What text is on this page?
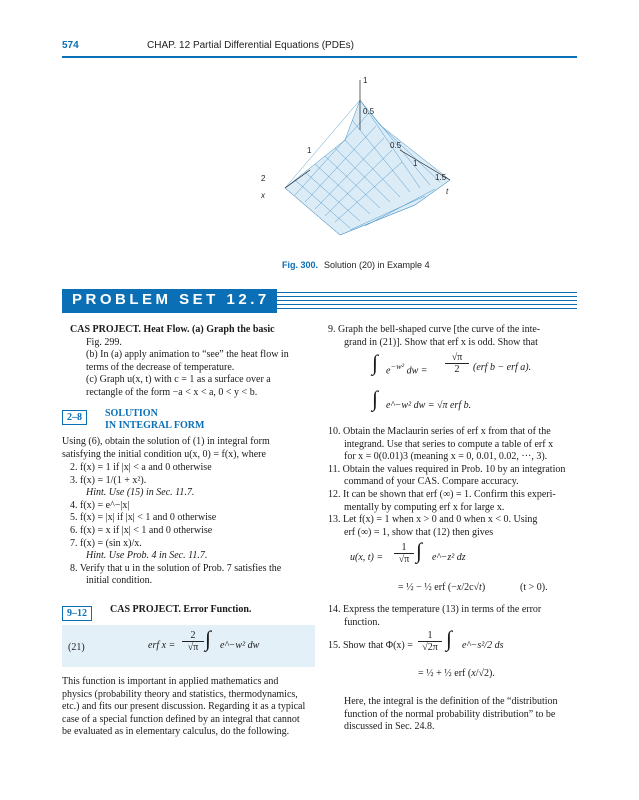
574	CHAP. 12 Partial Differential Equations (PDEs)
1
0.5
0.5
1
1.5
1
2
x	t
Fig. 300. Solution (20) in Example 4
PROBLEM SET 12.7
CAS PROJECT. Heat Flow. (a) Graph the basic
Fig. 299.
(b) In (a) apply animation to “see” the heat flow in
terms of the decrease of temperature.
(c) Graph u(x, t) with c = 1 as a surface over a
rectangle of the form −a < x < a, 0 < y < b.
2–8	SOLUTION
IN INTEGRAL FORM
Using (6), obtain the solution of (1) in integral form
satisfying the initial condition u(x, 0) = f(x), where
2. f(x) = 1 if |x| < a and 0 otherwise
3. f(x) = 1/(1 + x²).
Hint. Use (15) in Sec. 11.7.
4. f(x) = e^−|x|
5. f(x) = |x| if |x| < 1 and 0 otherwise
6. f(x) = x if |x| < 1 and 0 otherwise
7. f(x) = (sin x)/x.
Hint. Use Prob. 4 in Sec. 11.7.
8. Verify that u in the solution of Prob. 7 satisfies the
initial condition.
9–12	CAS PROJECT. Error Function.
(21)	erf x =
2
√π ∫ e^−w² dw
This function is important in applied mathematics and
physics (probability theory and statistics, thermodynamics,
etc.) and fits our present discussion. Regarding it as a typical
case of a special function defined by an integral that cannot
be evaluated as in elementary calculus, do the following.
9. Graph the bell-shaped curve [the curve of the inte-
grand in (21)]. Show that erf x is odd. Show that
∫ $e^{-w^2}$ dw =
√π
2	(erf b − erf a).
∫ e^−w² dw = √π erf b.
10. Obtain the Maclaurin series of erf x from that of the
integrand. Use that series to compute a table of erf x
for x = 0(0.01)3 (meaning x = 0, 0.01, 0.02, ···, 3).
11. Obtain the values required in Prob. 10 by an integration
command of your CAS. Compare accuracy.
12. It can be shown that erf (∞) = 1. Confirm this experi-
mentally by computing erf x for large x.
13. Let f(x) = 1 when x > 0 and 0 when x < 0. Using
erf (∞) = 1, show that (12) then gives
u(x, t) =
1
√π ∫ e^−z² dz
= ½ − ½ erf (−x/2c√t)	(t > 0).
14. Express the temperature (13) in terms of the error
function.
15. Show that Φ(x) =
1
√2π ∫ e^−s²/2 ds
= ½ + ½ erf (x/√2).
Here, the integral is the definition of the “distribution
function of the normal probability distribution” to be
discussed in Sec. 24.8.
